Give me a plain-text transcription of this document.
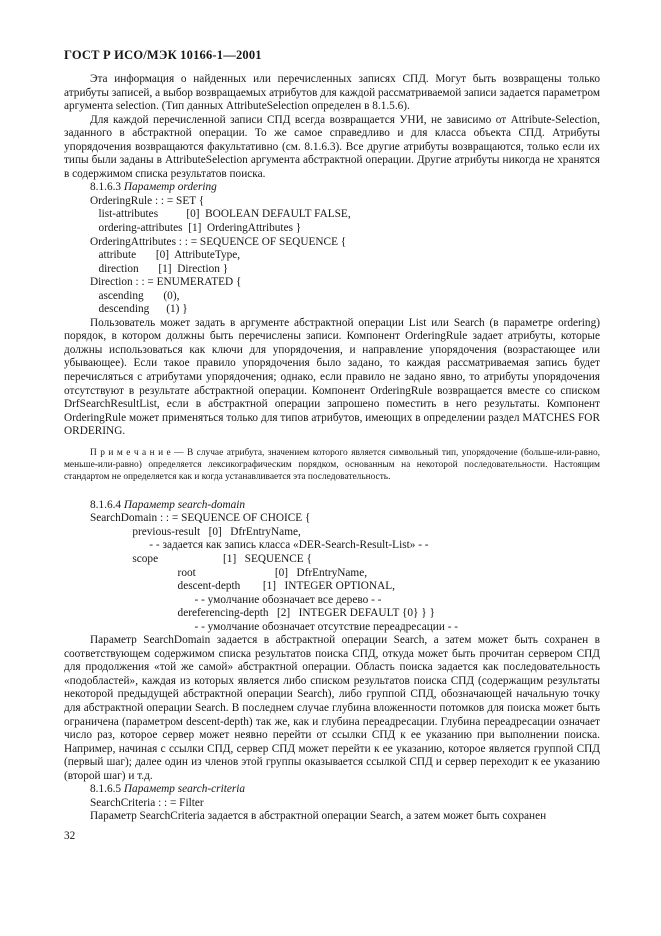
ГОСТ Р ИСО/МЭК 10166-1—2001

Эта информация о найденных или перечисленных записях СПД. Могут быть возвращены только атрибуты записей, а выбор возвращаемых атрибутов для каждой рассматриваемой записи задается параметром аргумента selection. (Тип данных AttributeSelection определен в 8.1.5.6).

Для каждой перечисленной записи СПД всегда возвращается УНИ, не зависимо от Attribute-Selection, заданного в абстрактной операции. То же самое справедливо и для класса объекта СПД. Атрибуты упорядочения возвращаются факультативно (см. 8.1.6.3). Все другие атрибуты возвращаются, только если их типы были заданы в AttributeSelection аргумента абстрактной операции. Другие атрибуты никогда не хранятся в содержимом списка результатов поиска.

8.1.6.3 Параметр ordering
OrderingRule : : = SET {
list-attributes          [0]  BOOLEAN DEFAULT FALSE,
ordering-attributes  [1]  OrderingAttributes }
OrderingAttributes : : = SEQUENCE OF SEQUENCE {
attribute       [0]  AttributeType,
direction       [1]  Direction }
Direction : : = ENUMERATED {
ascending       (0),
descending      (1) }

Пользователь может задать в аргументе абстрактной операции List или Search (в параметре ordering) порядок, в котором должны быть перечислены записи. Компонент OrderingRule задает атрибуты, которые должны использоваться как ключи для упорядочения, и направление упорядочения (возрастающее или убывающее). Если такое правило упорядочения было задано, то каждая рассматриваемая запись будет перечисляться с атрибутами упорядочения; однако, если правило не задано явно, то атрибуты упорядочения отсутствуют в результате абстрактной операции. Компонент OrderingRule возвращается вместе со списком DrfSearchResultList, если в абстрактной операции запрошено поместить в него результаты. Компонент OrderingRule может применяться только для типов атрибутов, имеющих в определении раздел MATCHES FOR ORDERING.

П р и м е ч а н и е — В случае атрибута, значением которого является символьный тип, упорядочение (больше-или-равно, меньше-или-равно) определяется лексикографическим порядком, основанным на некоторой последовательности. Настоящим стандартом не определяется как и когда устанавливается эта последовательность.

8.1.6.4 Параметр search-domain
SearchDomain : : = SEQUENCE OF CHOICE {
previous-result   [0]   DfrEntryName,
- - задается как запись класса «DER-Search-Result-List» - -
scope                       [1]   SEQUENCE {
root                            [0]   DfrEntryName,
descent-depth        [1]   INTEGER OPTIONAL,
- - умолчание обозначает все дерево - -
dereferencing-depth   [2]   INTEGER DEFAULT {0} } }
- - умолчание обозначает отсутствие переадресации - -

Параметр SearchDomain задается в абстрактной операции Search, а затем может быть сохранен в соответствующем содержимом списка результатов поиска СПД, откуда может быть прочитан сервером СПД для продолжения «той же самой» абстрактной операции. Область поиска задается как последовательность «подобластей», каждая из которых является либо списком результатов поиска СПД (содержащим результаты некоторой предыдущей абстрактной операции Search), либо группой СПД, обозначающей начальную точку для абстрактной операции Search. В последнем случае глубина вложенности потомков для поиска может быть ограничена (параметром descent-depth) так же, как и глубина переадресации. Глубина переадресации означает число раз, которое сервер может неявно перейти от ссылки СПД к ее указанию при выполнении поиска. Например, начиная с ссылки СПД, сервер СПД может перейти к ее указанию, которое является группой СПД (первый шаг); далее один из членов этой группы оказывается ссылкой СПД и сервер переходит к ее указанию (второй шаг) и т.д.

8.1.6.5 Параметр search-criteria
SearchCriteria : : = Filter

Параметр SearchCriteria задается в абстрактной операции Search, а затем может быть сохранен

32
